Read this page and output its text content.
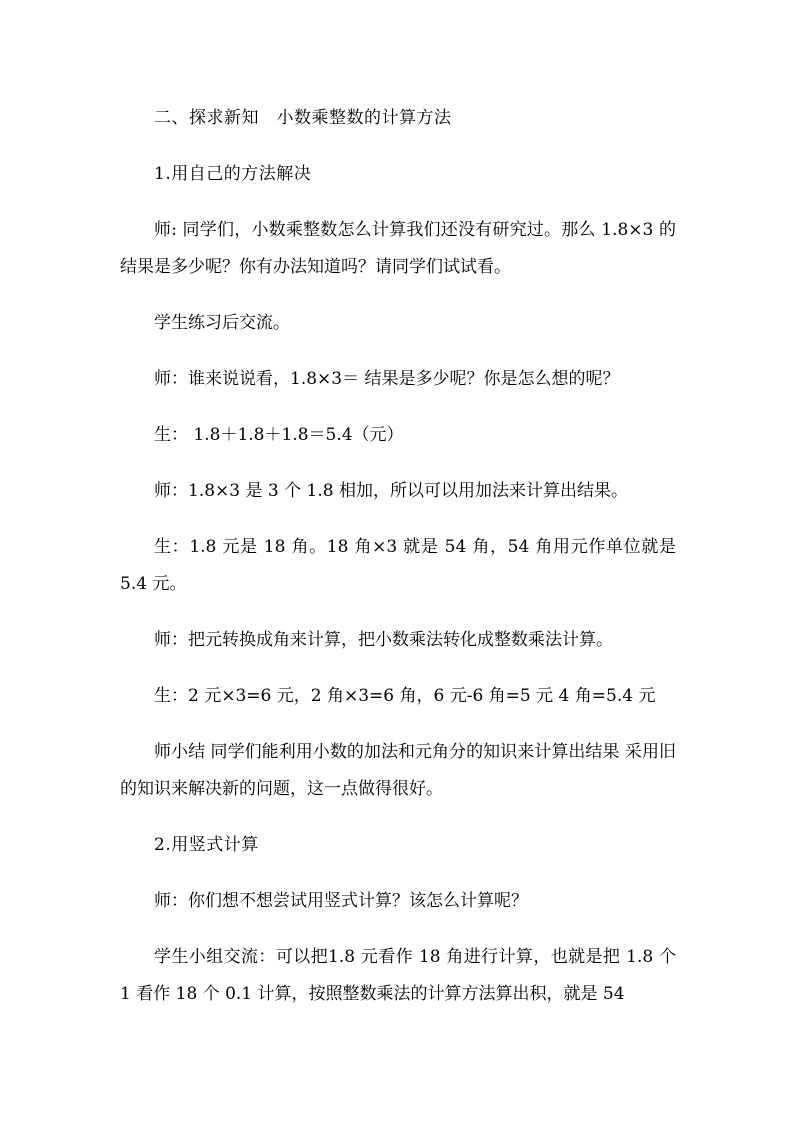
二、探求新知　小数乘整数的计算方法

1.用自己的方法解决

师: 同学们，小数乘整数怎么计算我们还没有研究过。那么 1.8×3 的结果是多少呢？你有办法知道吗？请同学们试试看。

学生练习后交流。

师：谁来说说看，1.8×3＝ 结果是多少呢？你是怎么想的呢？

生： 1.8＋1.8＋1.8＝5.4（元）

师：1.8×3 是 3 个 1.8 相加，所以可以用加法来计算出结果。

生：1.8 元是 18 角。18 角×3 就是 54 角，54 角用元作单位就是 5.4 元。

师：把元转换成角来计算，把小数乘法转化成整数乘法计算。

生：2 元×3=6 元，2 角×3=6 角，6 元-6 角=5 元 4 角=5.4 元

师小结 同学们能利用小数的加法和元角分的知识来计算出结果 采用旧的知识来解决新的问题，这一点做得很好。

2.用竖式计算

师：你们想不想尝试用竖式计算？该怎么计算呢？

学生小组交流：可以把1.8 元看作 18 角进行计算，也就是把 1.8 个 1 看作 18 个 0.1 计算，按照整数乘法的计算方法算出积，就是 54
